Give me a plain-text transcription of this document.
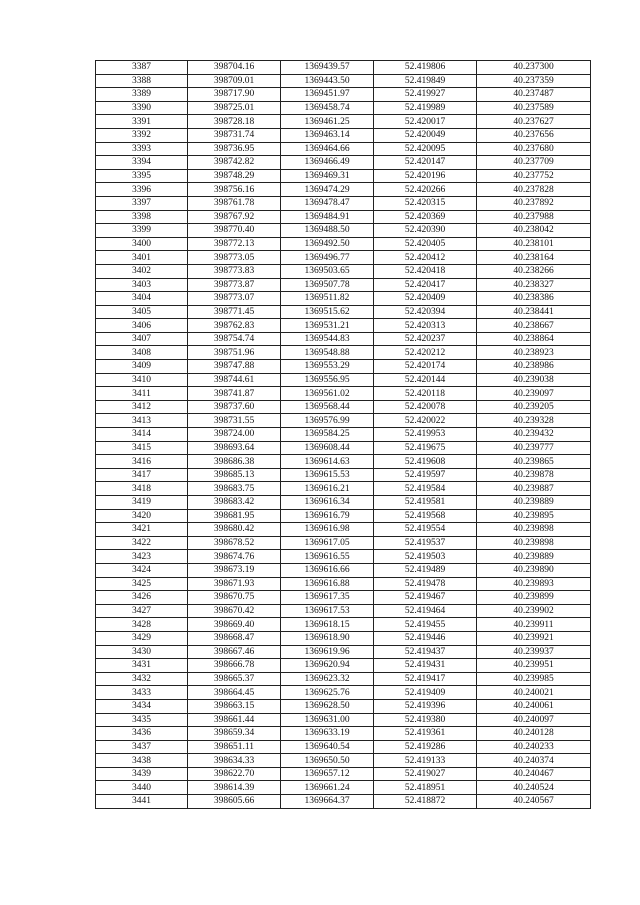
3387	398704.16	1369439.57	52.419806	40.237300
3388	398709.01	1369443.50	52.419849	40.237359
3389	398717.90	1369451.97	52.419927	40.237487
3390	398725.01	1369458.74	52.419989	40.237589
3391	398728.18	1369461.25	52.420017	40.237627
3392	398731.74	1369463.14	52.420049	40.237656
3393	398736.95	1369464.66	52.420095	40.237680
3394	398742.82	1369466.49	52.420147	40.237709
3395	398748.29	1369469.31	52.420196	40.237752
3396	398756.16	1369474.29	52.420266	40.237828
3397	398761.78	1369478.47	52.420315	40.237892
3398	398767.92	1369484.91	52.420369	40.237988
3399	398770.40	1369488.50	52.420390	40.238042
3400	398772.13	1369492.50	52.420405	40.238101
3401	398773.05	1369496.77	52.420412	40.238164
3402	398773.83	1369503.65	52.420418	40.238266
3403	398773.87	1369507.78	52.420417	40.238327
3404	398773.07	1369511.82	52.420409	40.238386
3405	398771.45	1369515.62	52.420394	40.238441
3406	398762.83	1369531.21	52.420313	40.238667
3407	398754.74	1369544.83	52.420237	40.238864
3408	398751.96	1369548.88	52.420212	40.238923
3409	398747.88	1369553.29	52.420174	40.238986
3410	398744.61	1369556.95	52.420144	40.239038
3411	398741.87	1369561.02	52.420118	40.239097
3412	398737.60	1369568.44	52.420078	40.239205
3413	398731.55	1369576.99	52.420022	40.239328
3414	398724.00	1369584.25	52.419953	40.239432
3415	398693.64	1369608.44	52.419675	40.239777
3416	398686.38	1369614.63	52.419608	40.239865
3417	398685.13	1369615.53	52.419597	40.239878
3418	398683.75	1369616.21	52.419584	40.239887
3419	398683.42	1369616.34	52.419581	40.239889
3420	398681.95	1369616.79	52.419568	40.239895
3421	398680.42	1369616.98	52.419554	40.239898
3422	398678.52	1369617.05	52.419537	40.239898
3423	398674.76	1369616.55	52.419503	40.239889
3424	398673.19	1369616.66	52.419489	40.239890
3425	398671.93	1369616.88	52.419478	40.239893
3426	398670.75	1369617.35	52.419467	40.239899
3427	398670.42	1369617.53	52.419464	40.239902
3428	398669.40	1369618.15	52.419455	40.239911
3429	398668.47	1369618.90	52.419446	40.239921
3430	398667.46	1369619.96	52.419437	40.239937
3431	398666.78	1369620.94	52.419431	40.239951
3432	398665.37	1369623.32	52.419417	40.239985
3433	398664.45	1369625.76	52.419409	40.240021
3434	398663.15	1369628.50	52.419396	40.240061
3435	398661.44	1369631.00	52.419380	40.240097
3436	398659.34	1369633.19	52.419361	40.240128
3437	398651.11	1369640.54	52.419286	40.240233
3438	398634.33	1369650.50	52.419133	40.240374
3439	398622.70	1369657.12	52.419027	40.240467
3440	398614.39	1369661.24	52.418951	40.240524
3441	398605.66	1369664.37	52.418872	40.240567
